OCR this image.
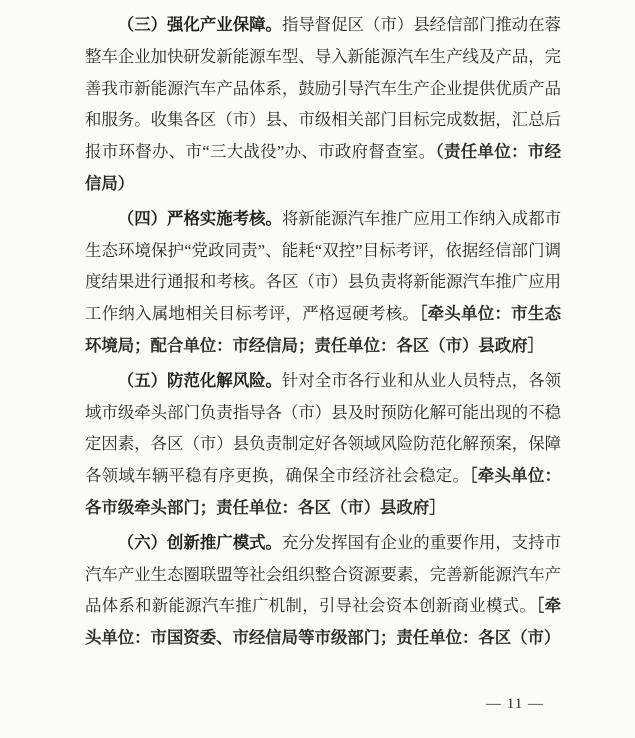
（三）强化产业保障。指导督促区（市）县经信部门推动在蓉整车企业加快研发新能源车型、导入新能源汽车生产线及产品，完善我市新能源汽车产品体系，鼓励引导汽车生产企业提供优质产品和服务。收集各区（市）县、市级相关部门目标完成数据，汇总后报市环督办、市“三大战役”办、市政府督查室。（责任单位：市经信局）

（四）严格实施考核。将新能源汽车推广应用工作纳入成都市生态环境保护“党政同责”、能耗“双控”目标考评，依据经信部门调度结果进行通报和考核。各区（市）县负责将新能源汽车推广应用工作纳入属地相关目标考评，严格逗硬考核。［牵头单位：市生态环境局；配合单位：市经信局；责任单位：各区（市）县政府］

（五）防范化解风险。针对全市各行业和从业人员特点，各领域市级牵头部门负责指导各（市）县及时预防化解可能出现的不稳定因素，各区（市）县负责制定好各领域风险防范化解预案，保障各领域车辆平稳有序更换，确保全市经济社会稳定。［牵头单位：各市级牵头部门；责任单位：各区（市）县政府］

（六）创新推广模式。充分发挥国有企业的重要作用，支持市汽车产业生态圈联盟等社会组织整合资源要素，完善新能源汽车产品体系和新能源汽车推广机制，引导社会资本创新商业模式。［牵头单位：市国资委、市经信局等市级部门；责任单位：各区（市）

— 11 —
